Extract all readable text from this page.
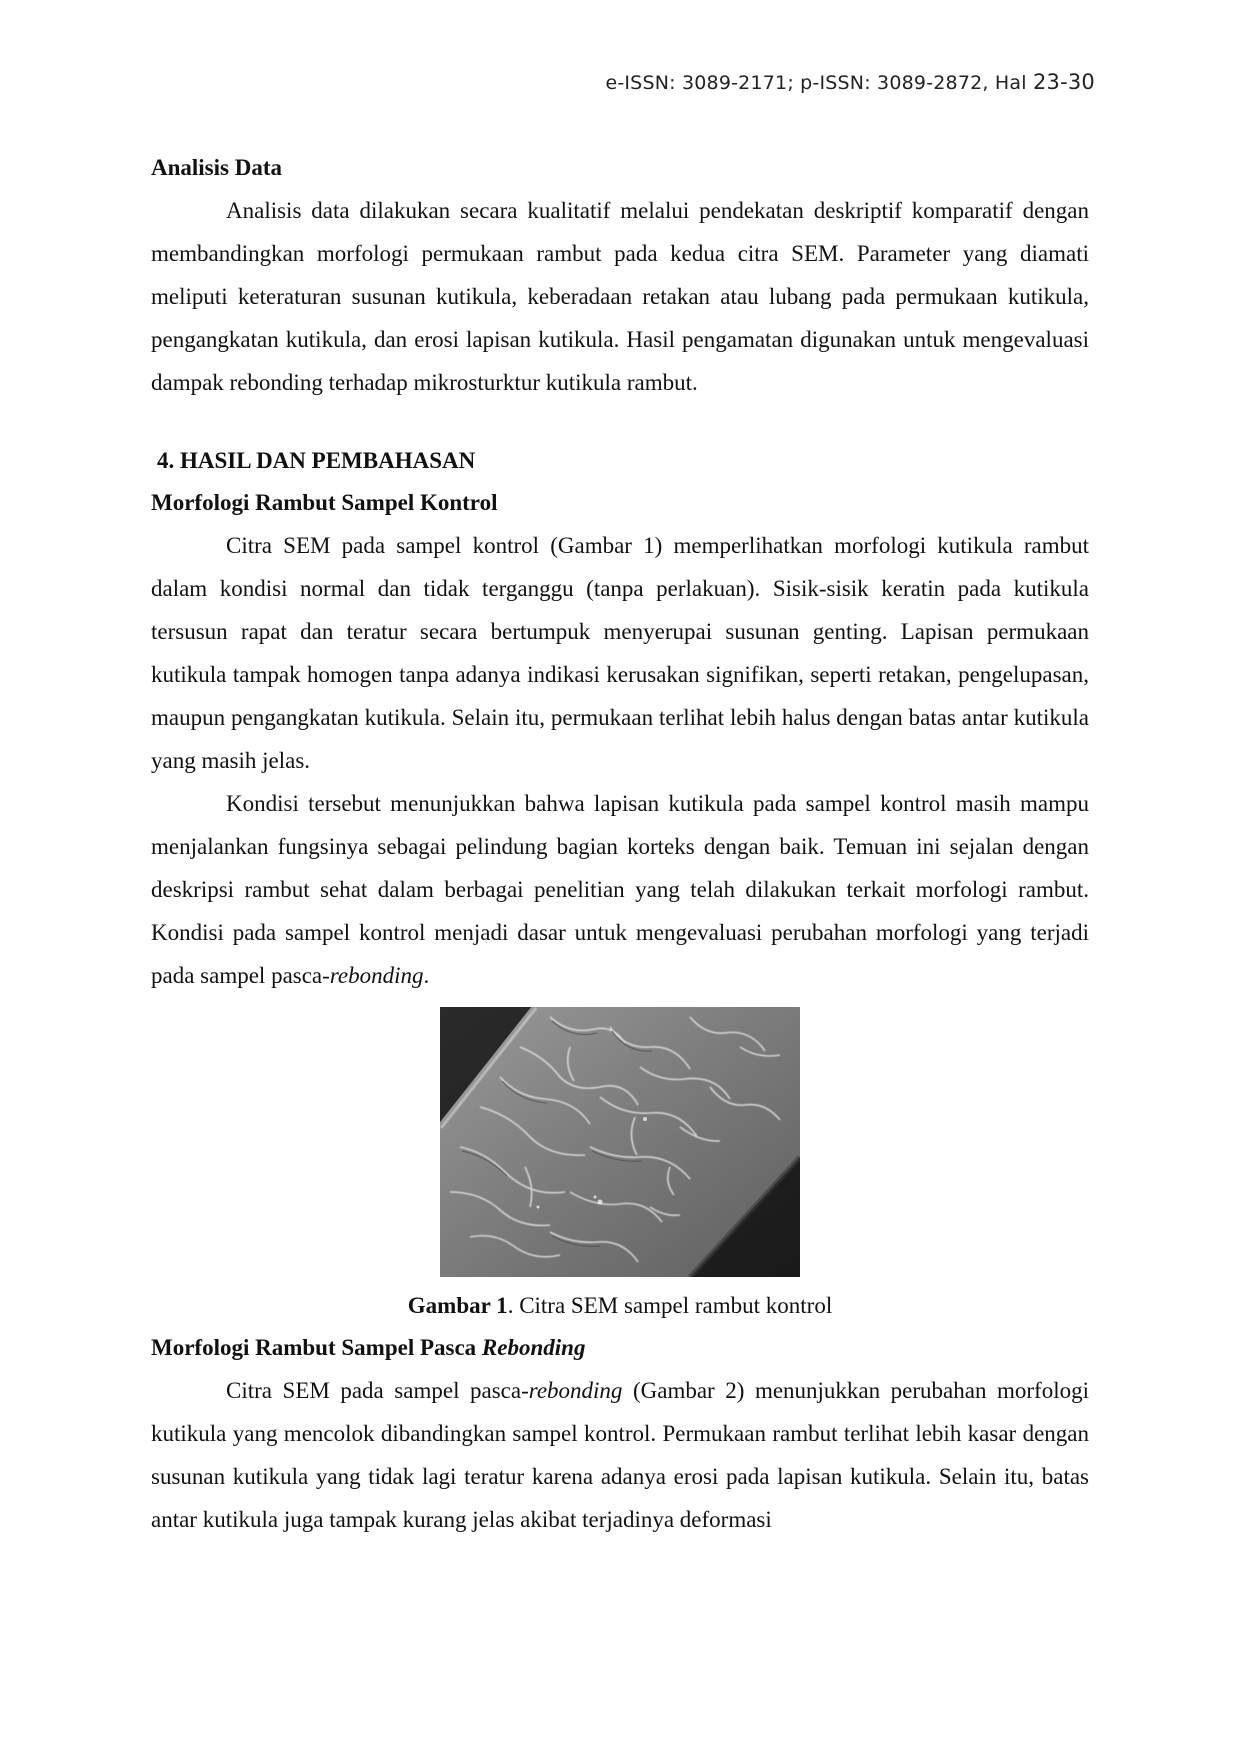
e-ISSN: 3089-2171; p-ISSN: 3089-2872, Hal 23-30

Analisis Data

Analisis data dilakukan secara kualitatif melalui pendekatan deskriptif komparatif dengan membandingkan morfologi permukaan rambut pada kedua citra SEM. Parameter yang diamati meliputi keteraturan susunan kutikula, keberadaan retakan atau lubang pada permukaan kutikula, pengangkatan kutikula, dan erosi lapisan kutikula. Hasil pengamatan digunakan untuk mengevaluasi dampak rebonding terhadap mikrosturktur kutikula rambut.

4. HASIL DAN PEMBAHASAN

Morfologi Rambut Sampel Kontrol

Citra SEM pada sampel kontrol (Gambar 1) memperlihatkan morfologi kutikula rambut dalam kondisi normal dan tidak terganggu (tanpa perlakuan). Sisik-sisik keratin pada kutikula tersusun rapat dan teratur secara bertumpuk menyerupai susunan genting. Lapisan permukaan kutikula tampak homogen tanpa adanya indikasi kerusakan signifikan, seperti retakan, pengelupasan, maupun pengangkatan kutikula. Selain itu, permukaan terlihat lebih halus dengan batas antar kutikula yang masih jelas.

Kondisi tersebut menunjukkan bahwa lapisan kutikula pada sampel kontrol masih mampu menjalankan fungsinya sebagai pelindung bagian korteks dengan baik. Temuan ini sejalan dengan deskripsi rambut sehat dalam berbagai penelitian yang telah dilakukan terkait morfologi rambut. Kondisi pada sampel kontrol menjadi dasar untuk mengevaluasi perubahan morfologi yang terjadi pada sampel pasca-rebonding.

Gambar 1. Citra SEM sampel rambut kontrol

Morfologi Rambut Sampel Pasca Rebonding

Citra SEM pada sampel pasca-rebonding (Gambar 2) menunjukkan perubahan morfologi kutikula yang mencolok dibandingkan sampel kontrol. Permukaan rambut terlihat lebih kasar dengan susunan kutikula yang tidak lagi teratur karena adanya erosi pada lapisan kutikula. Selain itu, batas antar kutikula juga tampak kurang jelas akibat terjadinya deformasi
